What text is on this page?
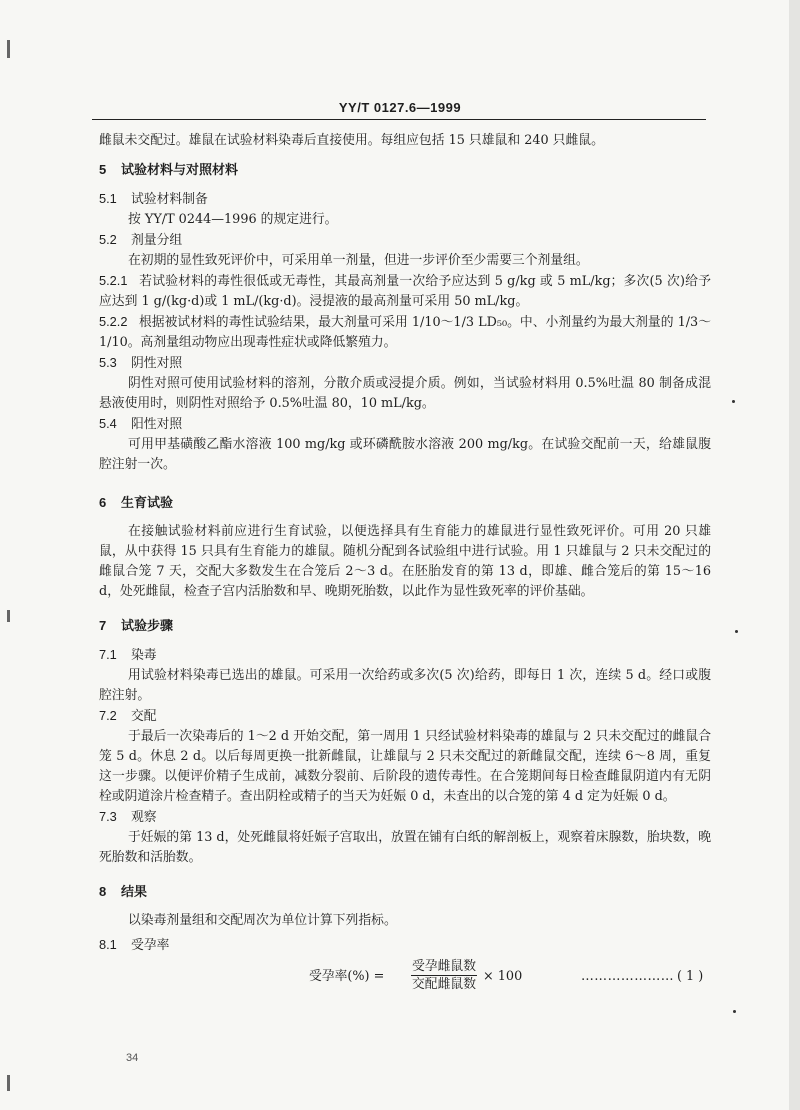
YY/T 0127.6—1999

雌鼠未交配过。雄鼠在试验材料染毒后直接使用。每组应包括 15 只雄鼠和 240 只雌鼠。

5 试验材料与对照材料

5.1 试验材料制备

按 YY/T 0244—1996 的规定进行。

5.2 剂量分组

在初期的显性致死评价中，可采用单一剂量，但进一步评价至少需要三个剂量组。

5.2.1 若试验材料的毒性很低或无毒性，其最高剂量一次给予应达到 5 g/kg 或 5 mL/kg；多次(5 次)给予应达到 1 g/(kg·d)或 1 mL/(kg·d)。浸提液的最高剂量可采用 50 mL/kg。

5.2.2 根据被试材料的毒性试验结果，最大剂量可采用 1/10～1/3 LD₅₀。中、小剂量约为最大剂量的 1/3～1/10。高剂量组动物应出现毒性症状或降低繁殖力。

5.3 阴性对照

阴性对照可使用试验材料的溶剂，分散介质或浸提介质。例如，当试验材料用 0.5%吐温 80 制备成混悬液使用时，则阴性对照给予 0.5%吐温 80，10 mL/kg。

5.4 阳性对照

可用甲基磺酸乙酯水溶液 100 mg/kg 或环磷酰胺水溶液 200 mg/kg。在试验交配前一天，给雄鼠腹腔注射一次。

6 生育试验

在接触试验材料前应进行生育试验，以便选择具有生育能力的雄鼠进行显性致死评价。可用 20 只雄鼠，从中获得 15 只具有生育能力的雄鼠。随机分配到各试验组中进行试验。用 1 只雄鼠与 2 只未交配过的雌鼠合笼 7 天，交配大多数发生在合笼后 2～3 d。在胚胎发育的第 13 d，即雄、雌合笼后的第 15～16 d，处死雌鼠，检查子宫内活胎数和早、晚期死胎数，以此作为显性致死率的评价基础。

7 试验步骤

7.1 染毒

用试验材料染毒已选出的雄鼠。可采用一次给药或多次(5 次)给药，即每日 1 次，连续 5 d。经口或腹腔注射。

7.2 交配

于最后一次染毒后的 1～2 d 开始交配，第一周用 1 只经试验材料染毒的雄鼠与 2 只未交配过的雌鼠合笼 5 d。休息 2 d。以后每周更换一批新雌鼠，让雄鼠与 2 只未交配过的新雌鼠交配，连续 6～8 周，重复这一步骤。以便评价精子生成前，减数分裂前、后阶段的遗传毒性。在合笼期间每日检查雌鼠阴道内有无阴栓或阴道涂片检查精子。查出阴栓或精子的当天为妊娠 0 d，未查出的以合笼的第 4 d 定为妊娠 0 d。

7.3 观察

于妊娠的第 13 d，处死雌鼠将妊娠子宫取出，放置在铺有白纸的解剖板上，观察着床腺数，胎块数，晚死胎数和活胎数。

8 结果

以染毒剂量组和交配周次为单位计算下列指标。

8.1 受孕率

受孕率(%) =
受孕雌鼠数
交配雌鼠数
× 100	………………… ( 1 )
34
